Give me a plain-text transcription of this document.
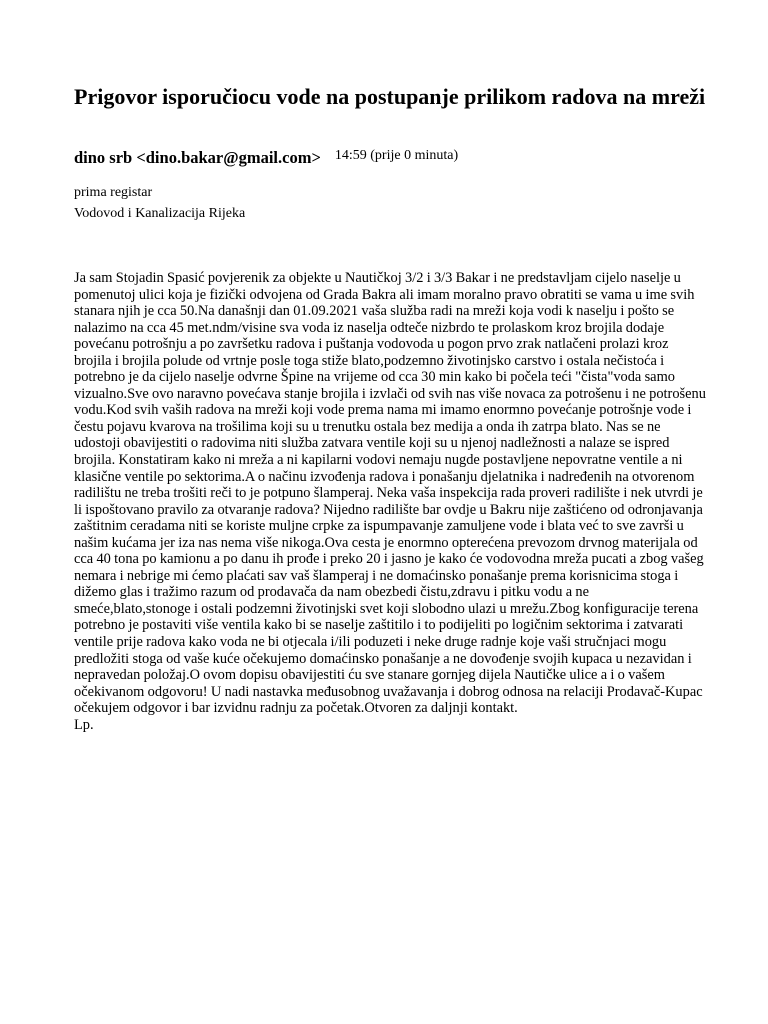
Prigovor isporučiocu vode na postupanje prilikom radova na mreži
dino srb <dino.bakar@gmail.com> 14:59 (prije 0 minuta)
prima registar
Vodovod i Kanalizacija Rijeka
Ja sam Stojadin Spasić povjerenik za objekte u Nautičkoj 3/2 i 3/3 Bakar i ne predstavljam cijelo naselje u pomenutoj ulici koja je fizički odvojena od Grada Bakra ali imam moralno pravo obratiti se vama u ime svih stanara njih je cca 50.Na današnji dan 01.09.2021 vaša služba radi na mreži koja vodi k naselju i pošto se nalazimo na cca 45 met.ndm/visine sva voda iz naselja odteče nizbrdo te prolaskom kroz brojila dodaje povećanu potrošnju a po završetku radova i puštanja vodovoda u pogon prvo zrak natlačeni prolazi kroz brojila i brojila polude od vrtnje posle toga stiže blato,podzemno životinjsko carstvo i ostala nečistoća i potrebno je da cijelo naselje odvrne Špine na vrijeme od cca 30 min kako bi počela teći "čista"voda samo vizualno.Sve ovo naravno povećava stanje brojila i izvlači od svih nas više novaca za potrošenu i ne potrošenu vodu.Kod svih vaših radova na mreži koji vode prema nama mi imamo enormno povećanje potrošnje vode i čestu pojavu kvarova na trošilima koji su u trenutku ostala bez medija a onda ih zatrpa blato. Nas se ne udostoji obavijestiti o radovima niti služba zatvara ventile koji su u njenoj nadležnosti a nalaze se ispred brojila. Konstatiram kako ni mreža a ni kapilarni vodovi nemaju nugde postavljene nepovratne ventile a ni klasične ventile po sektorima.A o načinu izvođenja radova i ponašanju djelatnika i nadređenih na otvorenom radilištu ne treba trošiti reči to je potpuno šlamperaj. Neka vaša inspekcija rada proveri radilište i nek utvrdi je li ispoštovano pravilo za otvaranje radova? Nijedno radilište bar ovdje u Bakru nije zaštićeno od odronjavanja zaštitnim ceradama niti se koriste muljne crpke za ispumpavanje zamuljene vode i blata već to sve završi u našim kućama jer iza nas nema više nikoga.Ova cesta je enormno opterećena prevozom drvnog materijala od cca 40 tona po kamionu a po danu ih prođe i preko 20 i jasno je kako će vodovodna mreža pucati a zbog vašeg nemara i nebrige mi ćemo plaćati sav vaš šlamperaj i ne domaćinsko ponašanje prema korisnicima stoga i dižemo glas i tražimo razum od prodavača da nam obezbedi čistu,zdravu i pitku vodu a ne smeće,blato,stonoge i ostali podzemni životinjski svet koji slobodno ulazi u mrežu.Zbog konfiguracije terena potrebno je postaviti više ventila kako bi se naselje zaštitilo i to podijeliti po logičnim sektorima i zatvarati ventile prije radova kako voda ne bi otjecala i/ili poduzeti i neke druge radnje koje vaši stručnjaci mogu predložiti stoga od vaše kuće očekujemo domaćinsko ponašanje a ne dovođenje svojih kupaca u nezavidan i nepravedan položaj.O ovom dopisu obavijestiti ću sve stanare gornjeg dijela Nautičke ulice a i o vašem očekivanom odgovoru! U nadi nastavka međusobnog uvažavanja i dobrog odnosa na relaciji Prodavač-Kupac očekujem odgovor i bar izvidnu radnju za početak.Otvoren za daljnji kontakt.
Lp.
